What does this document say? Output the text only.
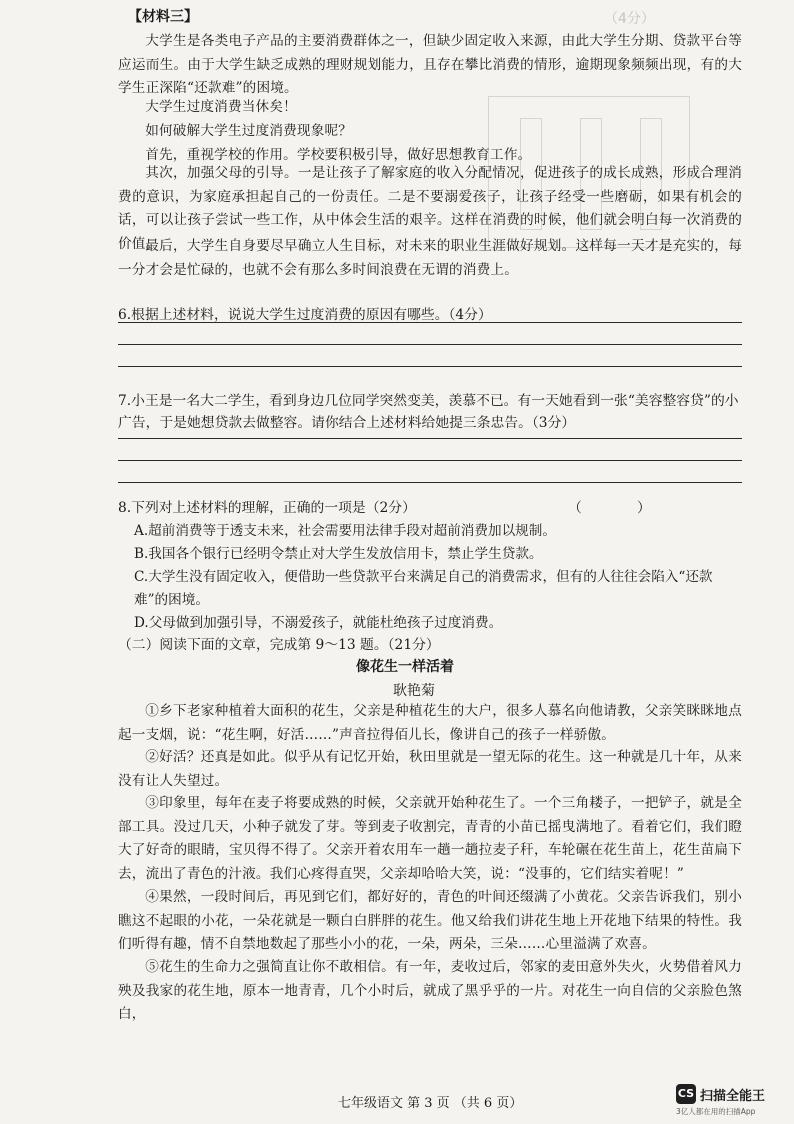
（4分）
【材料三】
大学生是各类电子产品的主要消费群体之一，但缺少固定收入来源，由此大学生分期、贷款平台等应运而生。由于大学生缺乏成熟的理财规划能力，且存在攀比消费的情形，逾期现象频频出现，有的大学生正深陷“还款难”的困境。
大学生过度消费当休矣！
如何破解大学生过度消费现象呢？
首先，重视学校的作用。学校要积极引导，做好思想教育工作。
其次，加强父母的引导。一是让孩子了解家庭的收入分配情况，促进孩子的成长成熟，形成合理消费的意识，为家庭承担起自己的一份责任。二是不要溺爱孩子，让孩子经受一些磨砺，如果有机会的话，可以让孩子尝试一些工作，从中体会生活的艰辛。这样在消费的时候，他们就会明白每一次消费的价值。
最后，大学生自身要尽早确立人生目标，对未来的职业生涯做好规划。这样每一天才是充实的，每一分才会是忙碌的，也就不会有那么多时间浪费在无谓的消费上。
6.根据上述材料，说说大学生过度消费的原因有哪些。（4分）
7.小王是一名大二学生，看到身边几位同学突然变美，羡慕不已。有一天她看到一张“美容整容贷”的小广告，于是她想贷款去做整容。请你结合上述材料给她提三条忠告。（3分）
8.下列对上述材料的理解，正确的一项是（2分）	（　　　　）
A.超前消费等于透支未来，社会需要用法律手段对超前消费加以规制。
B.我国各个银行已经明令禁止对大学生发放信用卡，禁止学生贷款。
C.大学生没有固定收入，便借助一些贷款平台来满足自己的消费需求，但有的人往往会陷入“还款难”的困境。
D.父母做到加强引导，不溺爱孩子，就能杜绝孩子过度消费。
（二）阅读下面的文章，完成第 9～13 题。（21分）
像花生一样活着
耿艳菊
①乡下老家种植着大面积的花生，父亲是种植花生的大户，很多人慕名向他请教，父亲笑眯眯地点起一支烟，说：“花生啊，好活……”声音拉得佰儿长，像讲自己的孩子一样骄傲。
②好活？还真是如此。似乎从有记忆开始，秋田里就是一望无际的花生。这一种就是几十年，从来没有让人失望过。
③印象里，每年在麦子将要成熟的时候，父亲就开始种花生了。一个三角耧子，一把铲子，就是全部工具。没过几天，小种子就发了芽。等到麦子收割完，青青的小苗已摇曳满地了。看着它们，我们瞪大了好奇的眼睛，宝贝得不得了。父亲开着农用车一趟一趟拉麦子秆，车轮碾在花生苗上，花生苗扁下去，流出了青色的汁液。我们心疼得直哭，父亲却哈哈大笑，说：“没事的，它们结实着呢！”
④果然，一段时间后，再见到它们，都好好的，青色的叶间还缀满了小黄花。父亲告诉我们，别小瞧这不起眼的小花，一朵花就是一颗白白胖胖的花生。他又给我们讲花生地上开花地下结果的特性。我们听得有趣，情不自禁地数起了那些小小的花，一朵，两朵，三朵……心里溢满了欢喜。
⑤花生的生命力之强简直让你不敢相信。有一年，麦收过后，邻家的麦田意外失火，火势借着风力殃及我家的花生地，原本一地青青，几个小时后，就成了黑乎乎的一片。对花生一向自信的父亲脸色煞白，
七年级语文 第 3 页 （共 6 页）
CS 扫描全能王
3亿人都在用的扫描App
